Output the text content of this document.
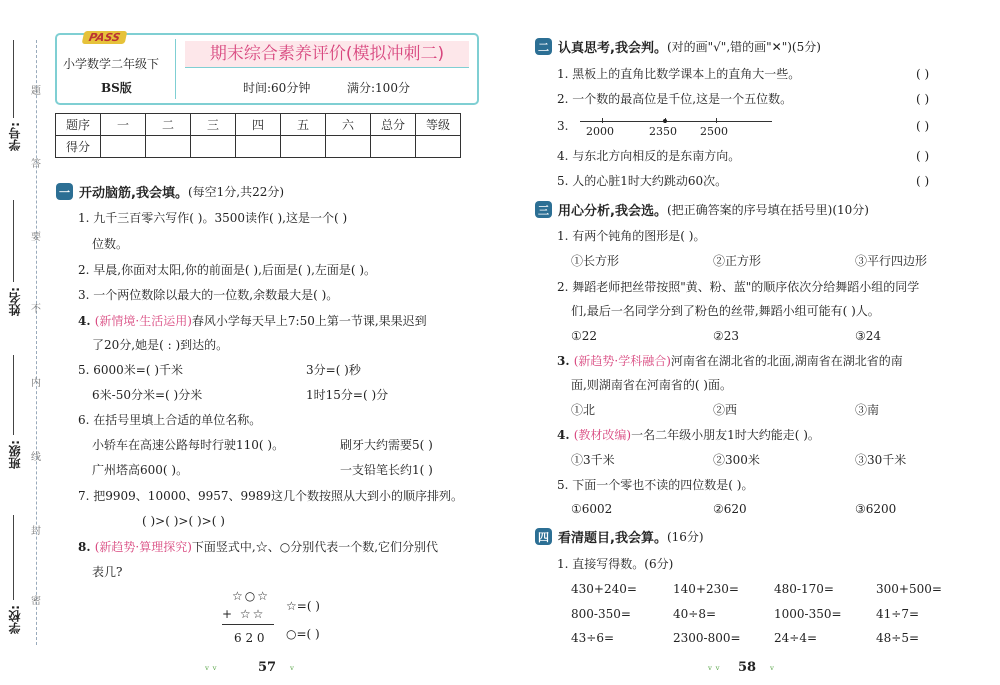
题
答
要
不
内
线
封
密
学号:
姓名:
班级:
学校:
PASS
小学数学二年级下
BS版
期末综合素养评价(模拟冲刺二)
时间:60分钟	满分:100分
题序	一	二	三	四	五	六	总分	等级
得分								
一 开动脑筋,我会填。 (每空1分,共22分)
1. 九千三百零六写作( )。3500读作( ),这是一个( )
位数。
2. 早晨,你面对太阳,你的前面是( ),后面是( ),左面是( )。
3. 一个两位数除以最大的一位数,余数最大是( )。
4. (新情境·生活运用)春风小学每天早上7:50上第一节课,果果迟到
了20分,她是( : )到达的。
5. 6000米=( )千米	3分=( )秒
6米-50分米=( )分米	1时15分=( )分
6. 在括号里填上合适的单位名称。
小轿车在高速公路每时行驶110( )。	刷牙大约需要5( )
广州塔高600( )。	一支铅笔长约1( )
7. 把9909、10000、9957、9989这几个数按照从大到小的顺序排列。
( )>( )>( )>( )
8. (新趋势·算理探究)下面竖式中,☆、○分别代表一个数,它们分别代
表几?
☆○☆
+ ☆☆
6 2 0
☆=( )
○=( )
ᵥ ᵥ	57 ᵥ
二 认真思考,我会判。 (对的画"√",错的画"✕")(5分)
1. 黑板上的直角比数学课本上的直角大一些。	( )
2. 一个数的最高位是千位,这是一个五位数。	( )
3. 2000	2350 2500	( )
4. 与东北方向相反的是东南方向。	( )
5. 人的心脏1时大约跳动60次。	( )
三 用心分析,我会选。 (把正确答案的序号填在括号里)(10分)
1. 有两个钝角的图形是( )。
①长方形	②正方形	③平行四边形
2. 舞蹈老师把丝带按照"黄、粉、蓝"的顺序依次分给舞蹈小组的同学
们,最后一名同学分到了粉色的丝带,舞蹈小组可能有( )人。
①22	②23	③24
3. (新趋势·学科融合)河南省在湖北省的北面,湖南省在湖北省的南
面,则湖南省在河南省的( )面。
①北	②西	③南
4. (教材改编)一名二年级小朋友1时大约能走( )。
①3千米	②300米	③30千米
5. 下面一个零也不读的四位数是( )。
①6002	②620	③6200
四 看清题目,我会算。 (16分)
1. 直接写得数。(6分)
430+240=	140+230=	480-170=	300+500=
800-350=	40÷8=	1000-350=	41÷7=
43÷6=	2300-800=	24÷4=	48÷5=
ᵥ ᵥ 58 ᵥ
